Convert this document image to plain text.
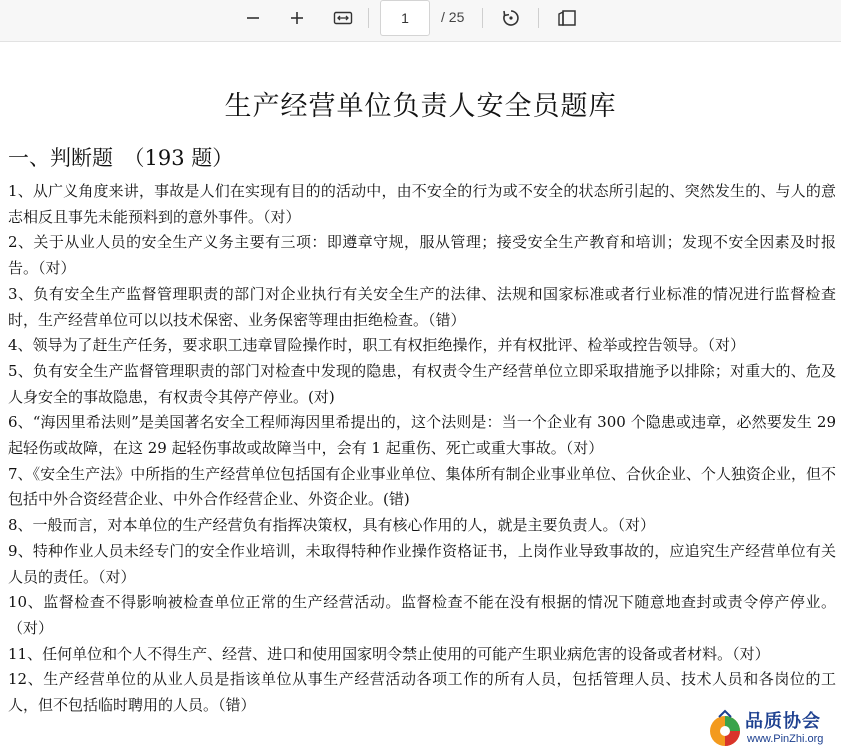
1
/ 25
生产经营单位负责人安全员题库
一、判断题　（193 题）
1、从广义角度来讲，事故是人们在实现有目的的活动中，由不安全的行为或不安全的状态所引起的、突然发生的、与人的意志相反且事先未能预料到的意外事件。（对）
2、关于从业人员的安全生产义务主要有三项：即遵章守规，服从管理；接受安全生产教育和培训；发现不安全因素及时报告。（对）
3、负有安全生产监督管理职责的部门对企业执行有关安全生产的法律、法规和国家标准或者行业标准的情况进行监督检查时，生产经营单位可以以技术保密、业务保密等理由拒绝检查。（错）
4、领导为了赶生产任务，要求职工违章冒险操作时，职工有权拒绝操作，并有权批评、检举或控告领导。（对）
5、负有安全生产监督管理职责的部门对检查中发现的隐患，有权责令生产经营单位立即采取措施予以排除；对重大的、危及人身安全的事故隐患，有权责令其停产停业。(对)
6、“海因里希法则”是美国著名安全工程师海因里希提出的，这个法则是：当一个企业有 300 个隐患或违章，必然要发生 29 起轻伤或故障，在这 29 起轻伤事故或故障当中，会有 1 起重伤、死亡或重大事故。（对）
7、《安全生产法》中所指的生产经营单位包括国有企业事业单位、集体所有制企业事业单位、合伙企业、个人独资企业，但不包括中外合资经营企业、中外合作经营企业、外资企业。(错)
8、一般而言，对本单位的生产经营负有指挥决策权，具有核心作用的人，就是主要负责人。（对）
9、特种作业人员未经专门的安全作业培训，未取得特种作业操作资格证书，上岗作业导致事故的，应追究生产经营单位有关人员的责任。（对）
10、监督检查不得影响被检查单位正常的生产经营活动。监督检查不能在没有根据的情况下随意地查封或责令停产停业。（对）
11、任何单位和个人不得生产、经营、进口和使用国家明令禁止使用的可能产生职业病危害的设备或者材料。（对）
12、生产经营单位的从业人员是指该单位从事生产经营活动各项工作的所有人员，包括管理人员、技术人员和各岗位的工人，但不包括临时聘用的人员。（错）
品质协会
www.PinZhi.org
